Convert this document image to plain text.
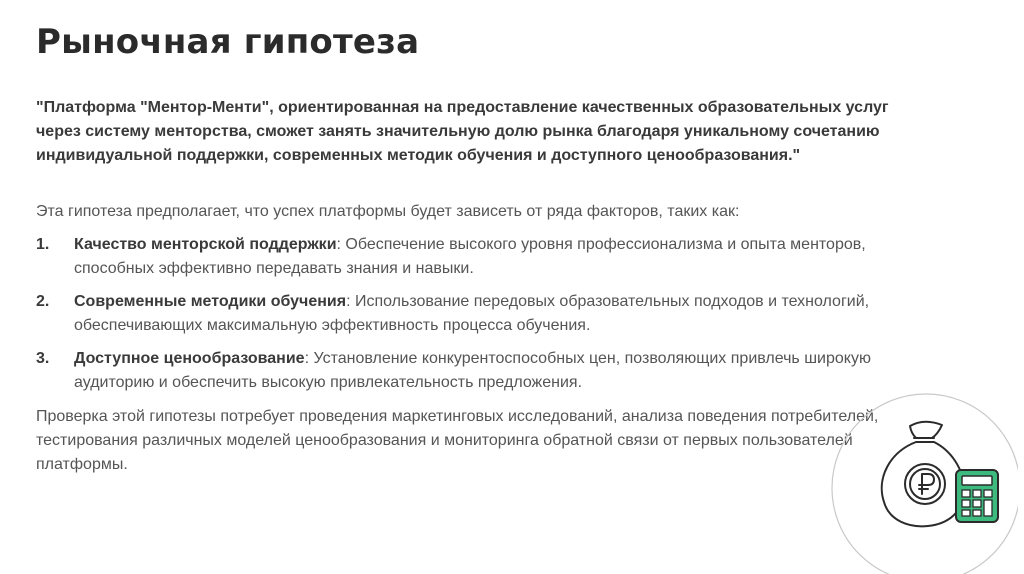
Рыночная гипотеза

"Платформа "Ментор-Менти", ориентированная на предоставление качественных образовательных услуг через систему менторства, сможет занять значительную долю рынка благодаря уникальному сочетанию индивидуальной поддержки, современных методик обучения и доступного ценообразования."

Эта гипотеза предполагает, что успех платформы будет зависеть от ряда факторов, таких как:

1. Качество менторской поддержки: Обеспечение высокого уровня профессионализма и опыта менторов, способных эффективно передавать знания и навыки.
2. Современные методики обучения: Использование передовых образовательных подходов и технологий, обеспечивающих максимальную эффективность процесса обучения.
3. Доступное ценообразование: Установление конкурентоспособных цен, позволяющих привлечь широкую аудиторию и обеспечить высокую привлекательность предложения.

Проверка этой гипотезы потребует проведения маркетинговых исследований, анализа поведения потребителей, тестирования различных моделей ценообразования и мониторинга обратной связи от первых пользователей платформы.
